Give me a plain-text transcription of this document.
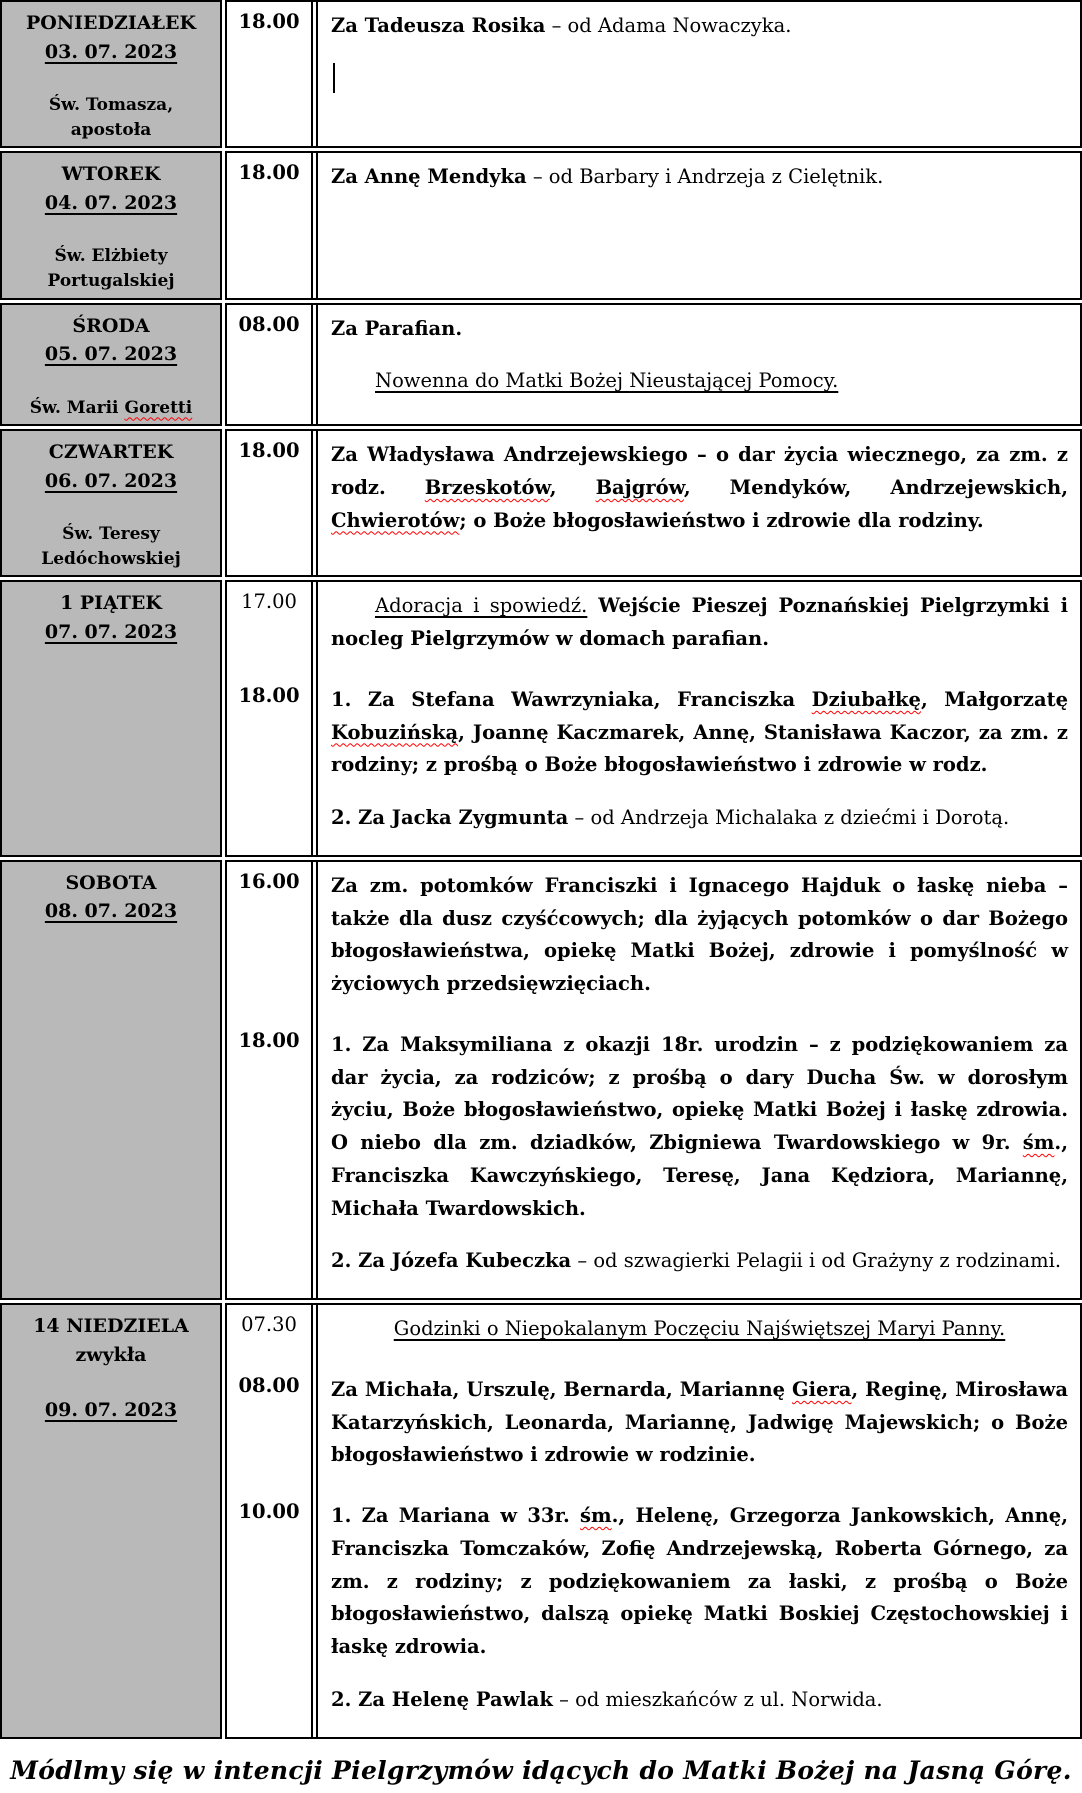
PONIEDZIAŁEK
03. 07. 2023
Św. Tomasza, apostoła
18.00	Za Tadeusza Rosika – od Adama Nowaczyka.

WTOREK
04. 07. 2023
Św. Elżbiety
Portugalskiej
18.00	Za Annę Mendyka – od Barbary i Andrzeja z Cielętnik.

ŚRODA
05. 07. 2023
Św. Marii Goretti
08.00	Za Parafian.

Nowenna do Matki Bożej Nieustającej Pomocy.

CZWARTEK
06. 07. 2023
Św. Teresy
Ledóchowskiej
18.00	Za Władysława Andrzejewskiego – o dar życia wiecznego, za zm. z rodz. Brzeskotów, Bajgrów, Mendyków, Andrzejewskich, Chwierotów; o Boże błogosławieństwo i zdrowie dla rodziny.

1 PIĄTEK
07. 07. 2023
17.00	Adoracja i spowiedź. Wejście Pieszej Poznańskiej Pielgrzymki i nocleg Pielgrzymów w domach parafian.

18.00	1. Za Stefana Wawrzyniaka, Franciszka Dziubałkę, Małgorzatę Kobuzińską, Joannę Kaczmarek, Annę, Stanisława Kaczor, za zm. z rodziny; z prośbą o Boże błogosławieństwo i zdrowie w rodz.

2. Za Jacka Zygmunta – od Andrzeja Michalaka z dziećmi i Dorotą.

SOBOTA
08. 07. 2023
16.00	Za zm. potomków Franciszki i Ignacego Hajduk o łaskę nieba – także dla dusz czyśćcowych; dla żyjących potomków o dar Bożego błogosławieństwa, opiekę Matki Bożej, zdrowie i pomyślność w życiowych przedsięwzięciach.

18.00	1. Za Maksymiliana z okazji 18r. urodzin – z podziękowaniem za dar życia, za rodziców; z prośbą o dary Ducha Św. w dorosłym życiu, Boże błogosławieństwo, opiekę Matki Bożej i łaskę zdrowia. O niebo dla zm. dziadków, Zbigniewa Twardowskiego w 9r. śm., Franciszka Kawczyńskiego, Teresę, Jana Kędziora, Mariannę, Michała Twardowskich.

2. Za Józefa Kubeczka – od szwagierki Pelagii i od Grażyny z rodzinami.

14 NIEDZIELA
zwykła
09. 07. 2023
07.30	Godzinki o Niepokalanym Poczęciu Najświętszej Maryi Panny.

08.00	Za Michała, Urszulę, Bernarda, Mariannę Giera, Reginę, Mirosława Katarzyńskich, Leonarda, Mariannę, Jadwigę Majewskich; o Boże błogosławieństwo i zdrowie w rodzinie.

10.00	1. Za Mariana w 33r. śm., Helenę, Grzegorza Jankowskich, Annę, Franciszka Tomczaków, Zofię Andrzejewską, Roberta Górnego, za zm. z rodziny; z podziękowaniem za łaski, z prośbą o Boże błogosławieństwo, dalszą opiekę Matki Boskiej Częstochowskiej i łaskę zdrowia.

2. Za Helenę Pawlak – od mieszkańców z ul. Norwida.

Módlmy się w intencji Pielgrzymów idących do Matki Bożej na Jasną Górę.
